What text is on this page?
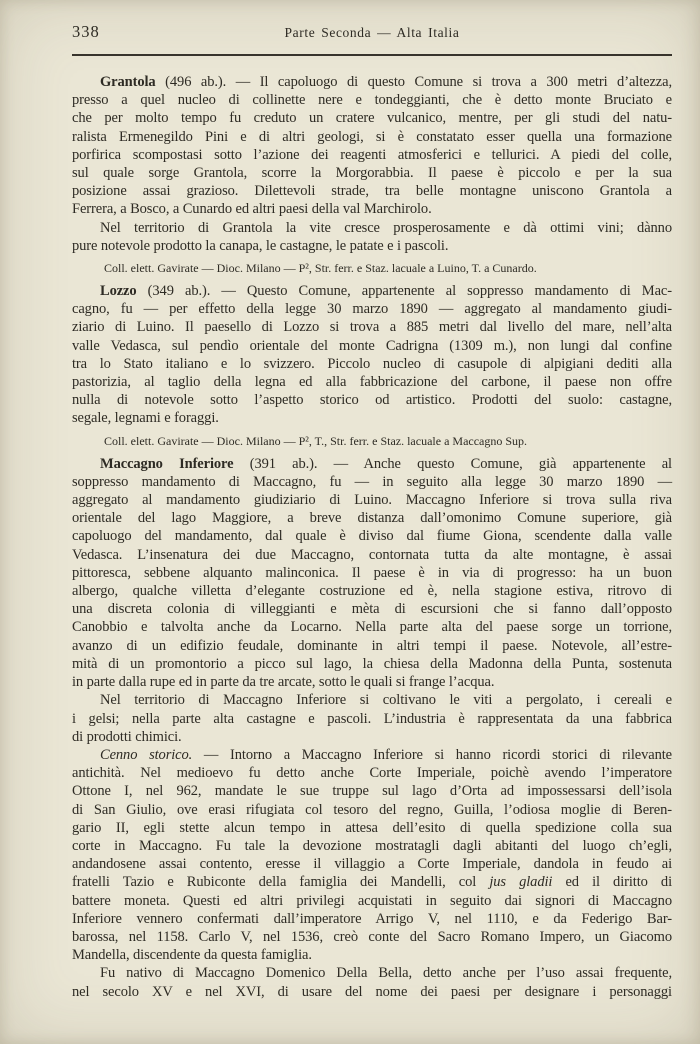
338	Parte Seconda — Alta Italia
Grantola (496 ab.). — Il capoluogo di questo Comune si trova a 300 metri d’altezza,
presso a quel nucleo di collinette nere e tondeggianti, che è detto monte Bruciato e
che per molto tempo fu creduto un cratere vulcanico, mentre, per gli studi del natu-
ralista Ermenegildo Pini e di altri geologi, si è constatato esser quella una formazione
porfirica scompostasi sotto l’azione dei reagenti atmosferici e tellurici. A piedi del colle,
sul quale sorge Grantola, scorre la Morgorabbia. Il paese è piccolo e per la sua
posizione assai grazioso. Dilettevoli strade, tra belle montagne uniscono Grantola a
Ferrera, a Bosco, a Cunardo ed altri paesi della val Marchirolo.
Nel territorio di Grantola la vite cresce prosperosamente e dà ottimi vini; dànno
pure notevole prodotto la canapa, le castagne, le patate e i pascoli.
Coll. elett. Gavirate — Dioc. Milano — P², Str. ferr. e Staz. lacuale a Luino, T. a Cunardo.
Lozzo (349 ab.). — Questo Comune, appartenente al soppresso mandamento di Mac-
cagno, fu — per effetto della legge 30 marzo 1890 — aggregato al mandamento giudi-
ziario di Luino. Il paesello di Lozzo si trova a 885 metri dal livello del mare, nell’alta
valle Vedasca, sul pendìo orientale del monte Cadrigna (1309 m.), non lungi dal confine
tra lo Stato italiano e lo svizzero. Piccolo nucleo di casupole di alpigiani dediti alla
pastorizia, al taglio della legna ed alla fabbricazione del carbone, il paese non offre
nulla di notevole sotto l’aspetto storico od artistico. Prodotti del suolo: castagne,
segale, legnami e foraggi.
Coll. elett. Gavirate — Dioc. Milano — P², T., Str. ferr. e Staz. lacuale a Maccagno Sup.
Maccagno Inferiore (391 ab.). — Anche questo Comune, già appartenente al
soppresso mandamento di Maccagno, fu — in seguito alla legge 30 marzo 1890 —
aggregato al mandamento giudiziario di Luino. Maccagno Inferiore si trova sulla riva
orientale del lago Maggiore, a breve distanza dall’omonimo Comune superiore, già
capoluogo del mandamento, dal quale è diviso dal fiume Giona, scendente dalla valle
Vedasca. L’insenatura dei due Maccagno, contornata tutta da alte montagne, è assai
pittoresca, sebbene alquanto malinconica. Il paese è in via di progresso: ha un buon
albergo, qualche villetta d’elegante costruzione ed è, nella stagione estiva, ritrovo di
una discreta colonia di villeggianti e mèta di escursioni che si fanno dall’opposto
Canobbio e talvolta anche da Locarno. Nella parte alta del paese sorge un torrione,
avanzo di un edifizio feudale, dominante in altri tempi il paese. Notevole, all’estre-
mità di un promontorio a picco sul lago, la chiesa della Madonna della Punta, sostenuta
in parte dalla rupe ed in parte da tre arcate, sotto le quali si frange l’acqua.
Nel territorio di Maccagno Inferiore si coltivano le viti a pergolato, i cereali e
i gelsi; nella parte alta castagne e pascoli. L’industria è rappresentata da una fabbrica
di prodotti chimici.
Cenno storico. — Intorno a Maccagno Inferiore si hanno ricordi storici di rilevante
antichità. Nel medioevo fu detto anche Corte Imperiale, poichè avendo l’imperatore
Ottone I, nel 962, mandate le sue truppe sul lago d’Orta ad impossessarsi dell’isola
di San Giulio, ove erasi rifugiata col tesoro del regno, Guilla, l’odiosa moglie di Beren-
gario II, egli stette alcun tempo in attesa dell’esito di quella spedizione colla sua
corte in Maccagno. Fu tale la devozione mostratagli dagli abitanti del luogo ch’egli,
andandosene assai contento, eresse il villaggio a Corte Imperiale, dandola in feudo ai
fratelli Tazio e Rubiconte della famiglia dei Mandelli, col jus gladii ed il diritto di
battere moneta. Questi ed altri privilegi acquistati in seguito dai signori di Maccagno
Inferiore vennero confermati dall’imperatore Arrigo V, nel 1110, e da Federigo Bar-
barossa, nel 1158. Carlo V, nel 1536, creò conte del Sacro Romano Impero, un Giacomo
Mandella, discendente da questa famiglia.
Fu nativo di Maccagno Domenico Della Bella, detto anche per l’uso assai frequente,
nel secolo XV e nel XVI, di usare del nome dei paesi per designare i personaggi
